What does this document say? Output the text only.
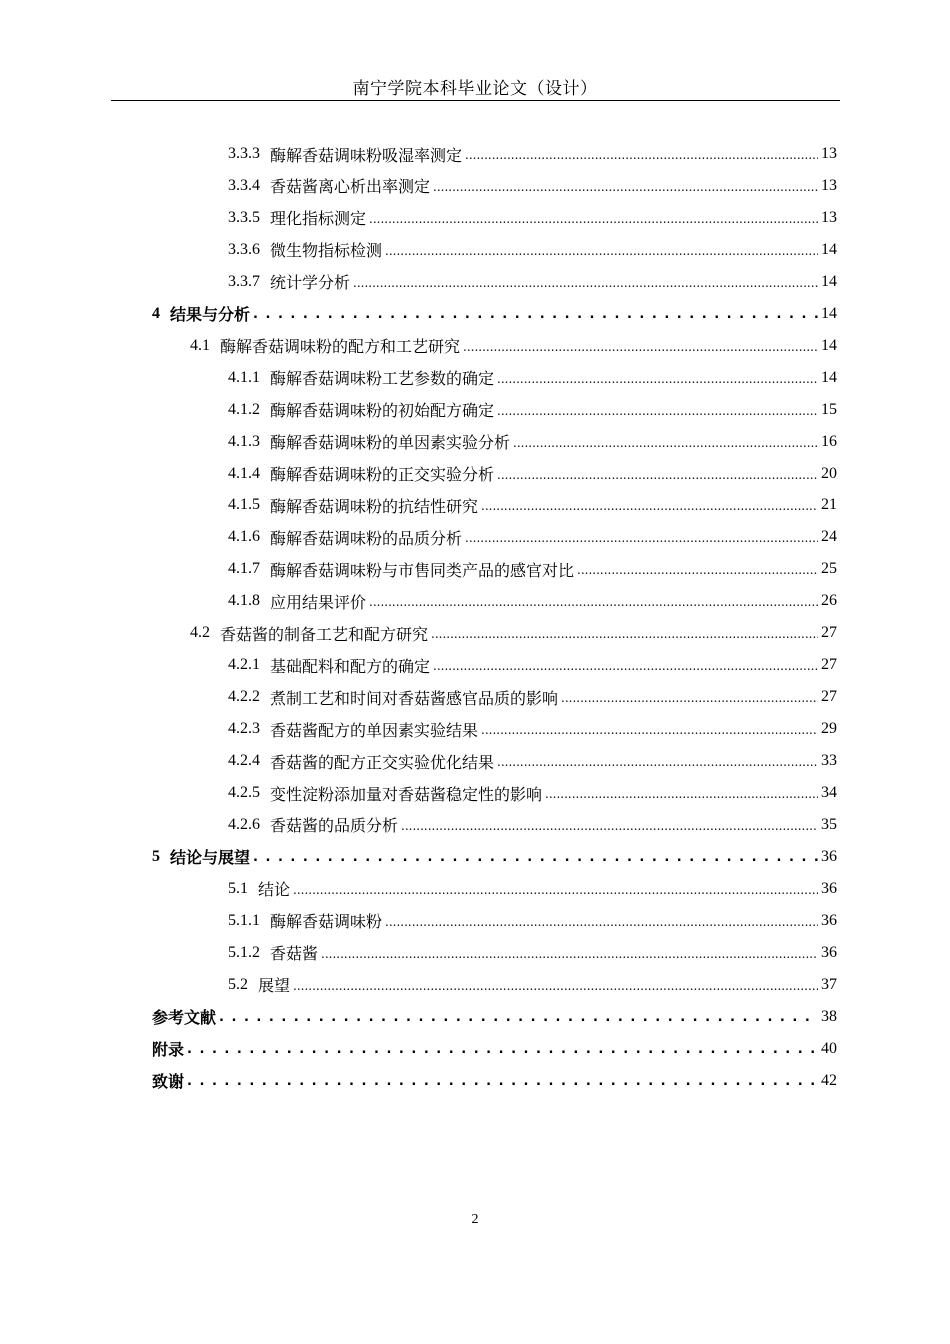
南宁学院本科毕业论文（设计）
3.3.3 酶解香菇调味粉吸湿率测定 .....	13
3.3.4 香菇酱离心析出率测定 .....	13
3.3.5 理化指标测定 .....	13
3.3.6 微生物指标检测 .....	14
3.3.7 统计学分析 .....	14
4 结果与分析 . . .	14
4.1 酶解香菇调味粉的配方和工艺研究 .....	14
4.1.1 酶解香菇调味粉工艺参数的确定 .....	14
4.1.2 酶解香菇调味粉的初始配方确定 .....	15
4.1.3 酶解香菇调味粉的单因素实验分析 .....	16
4.1.4 酶解香菇调味粉的正交实验分析 .....	20
4.1.5 酶解香菇调味粉的抗结性研究 .....	21
4.1.6 酶解香菇调味粉的品质分析 .....	24
4.1.7 酶解香菇调味粉与市售同类产品的感官对比 .....	25
4.1.8 应用结果评价 .....	26
4.2 香菇酱的制备工艺和配方研究 .....	27
4.2.1 基础配料和配方的确定 .....	27
4.2.2 煮制工艺和时间对香菇酱感官品质的影响 .....	27
4.2.3 香菇酱配方的单因素实验结果 .....	29
4.2.4 香菇酱的配方正交实验优化结果 .....	33
4.2.5 变性淀粉添加量对香菇酱稳定性的影响 .....	34
4.2.6 香菇酱的品质分析 .....	35
5 结论与展望 . . .	36
5.1 结论 .....	36
5.1.1 酶解香菇调味粉 .....	36
5.1.2 香菇酱 .....	36
5.2 展望 .....	37
参考文献 . . .	38
附录 . . .	40
致谢 . . .	42
2
